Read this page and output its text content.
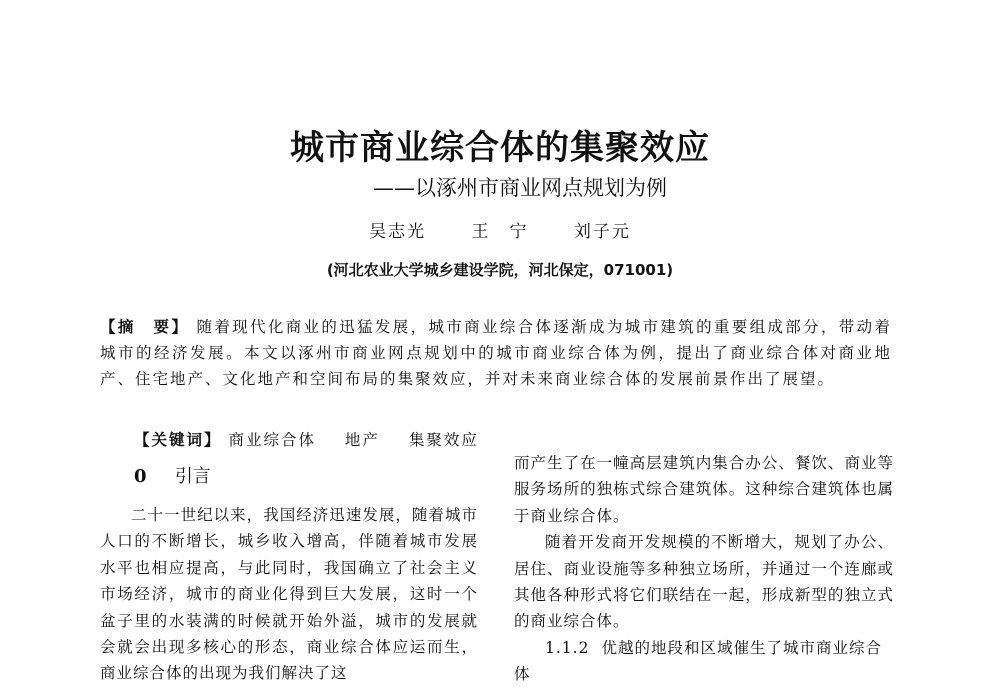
城市商业综合体的集聚效应
——以涿州市商业网点规划为例
吴志光　　	王　宁　　	刘子元
(河北农业大学城乡建设学院，河北保定，071001)
【摘　要】 随着现代化商业的迅猛发展，城市商业综合体逐渐成为城市建筑的重要组成部分，带动着城市的经济发展。本文以涿州市商业网点规划中的城市商业综合体为例，提出了商业综合体对商业地产、住宅地产、文化地产和空间布局的集聚效应，并对未来商业综合体的发展前景作出了展望。
【关键词】 商业综合体 地产 集聚效应
0 引言

二十一世纪以来，我国经济迅速发展，随着城市人口的不断增长，城乡收入增高，伴随着城市发展水平也相应提高，与此同时，我国确立了社会主义市场经济，城市的商业化得到巨大发展，这时一个盆子里的水装满的时候就开始外溢，城市的发展就会就会出现多核心的形态，商业综合体应运而生，商业综合体的出现为我们解决了这

而产生了在一幢高层建筑内集合办公、餐饮、商业等服务场所的独栋式综合建筑体。这种综合建筑体也属于商业综合体。

随着开发商开发规模的不断增大，规划了办公、居住、商业设施等多种独立场所，并通过一个连廊或其他各种形式将它们联结在一起，形成新型的独立式的商业综合体。

1.1.2 优越的地段和区域催生了城市商业综合体
